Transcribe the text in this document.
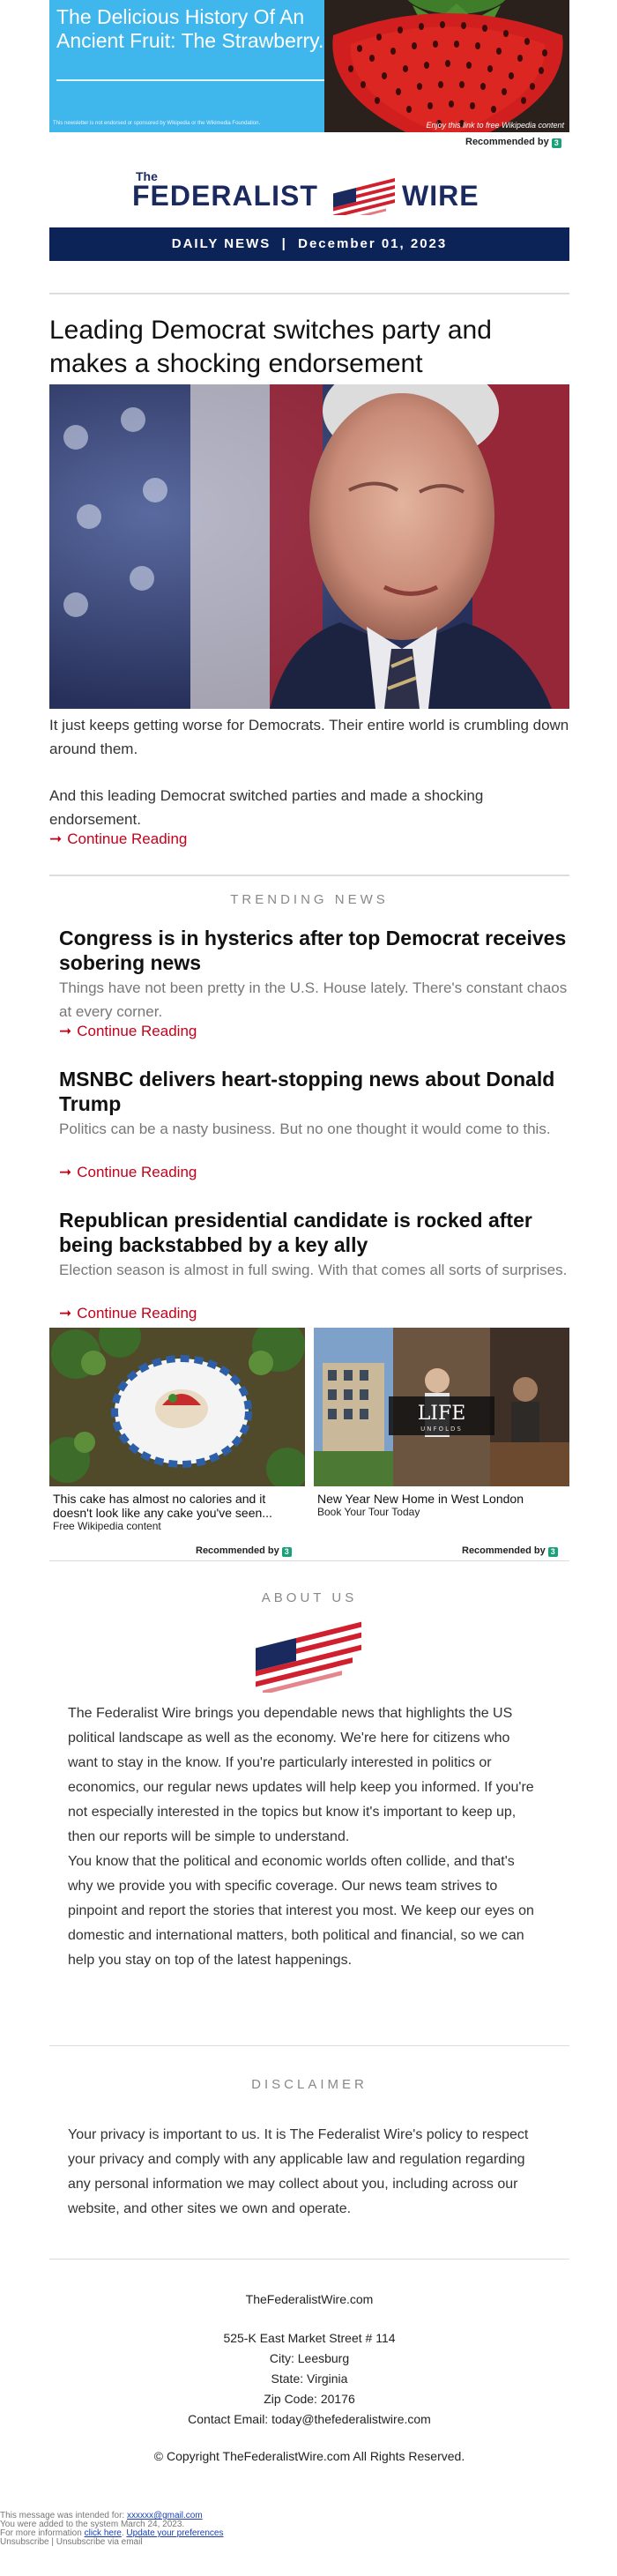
The Delicious History Of An Ancient Fruit: The Strawberry.
This newsletter is not endorsed or sponsored by Wikipedia or the Wikimedia Foundation.	Enjoy this link to free Wikipedia content
Recommended by 3
The
FEDERALIST	WIRE
DAILY NEWS  |  December 01, 2023
Leading Democrat switches party and makes a shocking endorsement
It just keeps getting worse for Democrats. Their entire world is crumbling down around them.
And this leading Democrat switched parties and made a shocking endorsement.
➞ Continue Reading
TRENDING NEWS
Congress is in hysterics after top Democrat receives sobering news
Things have not been pretty in the U.S. House lately. There's constant chaos at every corner.
➞ Continue Reading
MSNBC delivers heart-stopping news about Donald Trump
Politics can be a nasty business. But no one thought it would come to this.
➞ Continue Reading
Republican presidential candidate is rocked after being backstabbed by a key ally
Election season is almost in full swing. With that comes all sorts of surprises.
➞ Continue Reading
This cake has almost no calories and it doesn't look like any cake you've seen...
Free Wikipedia content
LIFE
UNFOLDS
New Year New Home in West London
Book Your Tour Today
Recommended by 3	Recommended by 3
ABOUT US
The Federalist Wire brings you dependable news that highlights the US political landscape as well as the economy. We're here for citizens who want to stay in the know. If you're particularly interested in politics or economics, our regular news updates will help keep you informed. If you're not especially interested in the topics but know it's important to keep up, then our reports will be simple to understand.
You know that the political and economic worlds often collide, and that's why we provide you with specific coverage. Our news team strives to pinpoint and report the stories that interest you most. We keep our eyes on domestic and international matters, both political and financial, so we can help you stay on top of the latest happenings.
DISCLAIMER
Your privacy is important to us. It is The Federalist Wire's policy to respect your privacy and comply with any applicable law and regulation regarding any personal information we may collect about you, including across our website, and other sites we own and operate.
TheFederalistWire.com
525-K East Market Street # 114
City: Leesburg
State: Virginia
Zip Code: 20176
Contact Email: today@thefederalistwire.com
© Copyright TheFederalistWire.com All Rights Reserved.
This message was intended for: xxxxxx@gmail.com
You were added to the system March 24, 2023.
For more information click here. Update your preferences
Unsubscribe | Unsubscribe via email
